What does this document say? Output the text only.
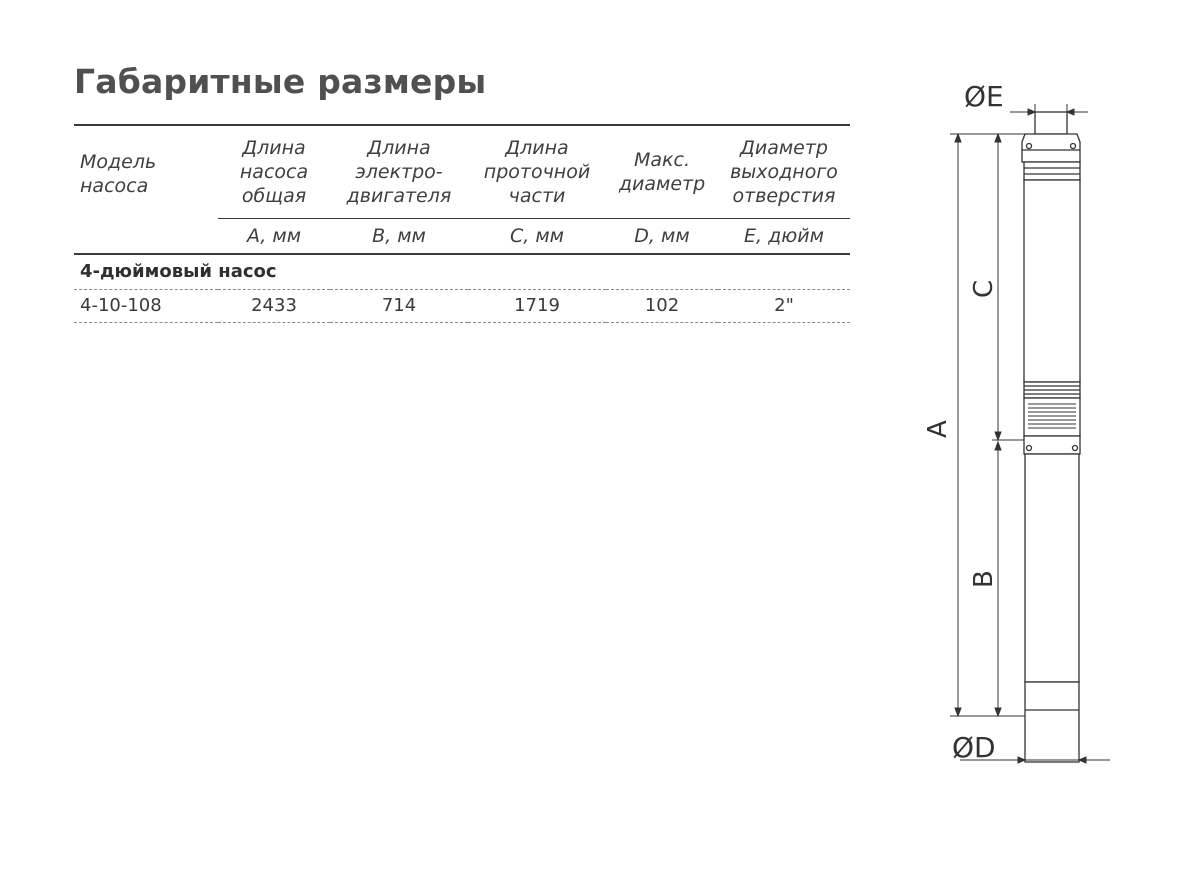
Габаритные размеры
Модель
насоса	Длина
насоса
общая	Длина
электро-
двигателя	Длина
проточной
части	Макс.
диаметр	Диаметр
выходного
отверстия

	A, мм	B, мм	C, мм	D, мм	E, дюйм
4-дюймовый насос					
4-10-108	2433	714	1719	102	2"
ØE
ØD
A
C
B
